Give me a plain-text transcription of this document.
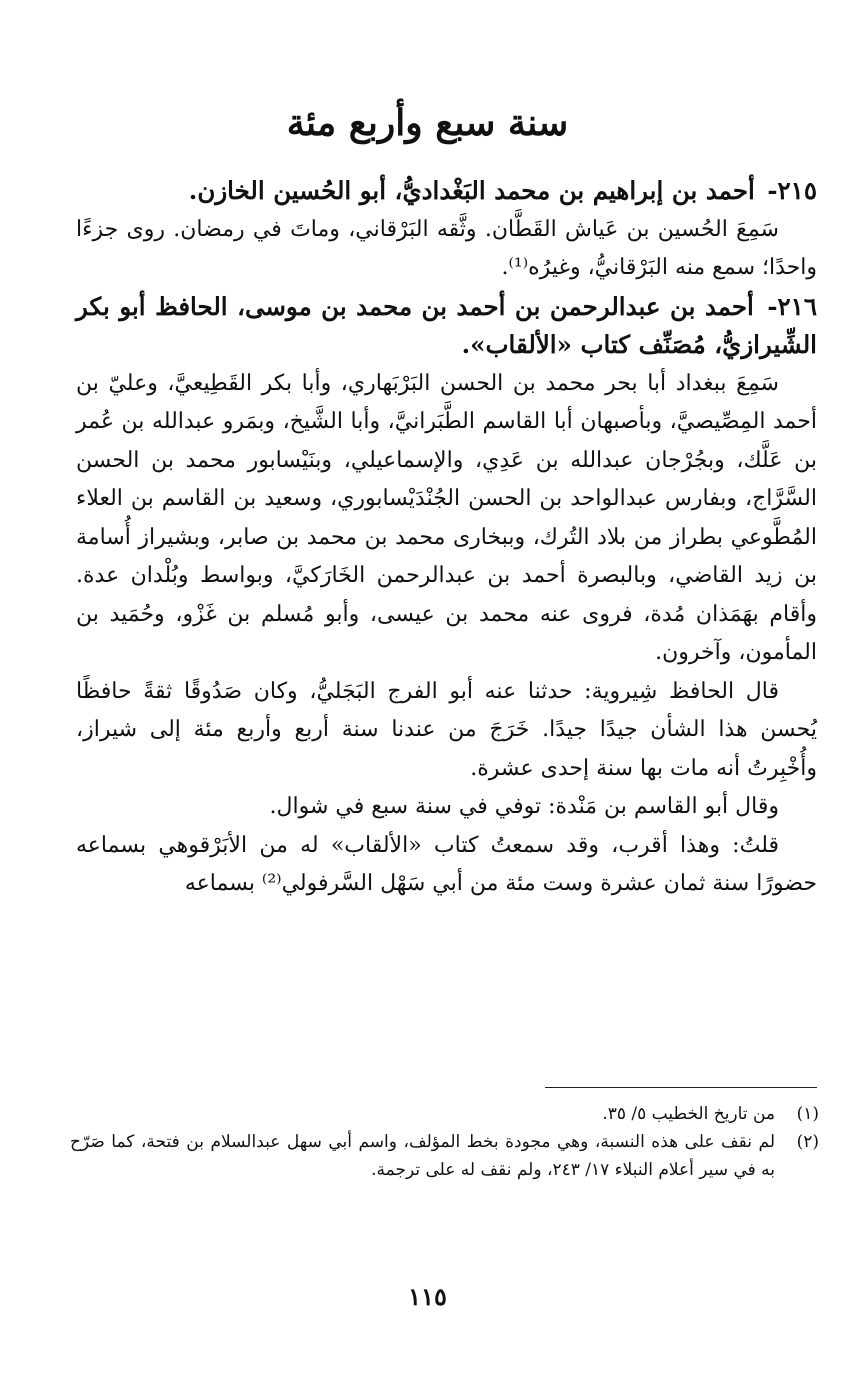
سنة سبع وأربع مئة

٢١٥- أحمد بن إبراهيم بن محمد البَغْداديُّ، أبو الحُسين الخازن.

سَمِعَ الحُسين بن عَياش القَطَّان. وثَّقه البَرْقاني، وماتَ في رمضان. روى جزءًا واحدًا؛ سمع منه البَرْقانيُّ، وغيرُه⁽¹⁾.

٢١٦- أحمد بن عبدالرحمن بن أحمد بن محمد بن موسى، الحافظ أبو بكر الشِّيرازيُّ، مُصَنِّف كتاب «الألقاب».

سَمِعَ ببغداد أبا بحر محمد بن الحسن البَرْبَهاري، وأبا بكر القَطِيعيَّ، وعليّ بن أحمد المِصِّيصيَّ، وبأصبهان أبا القاسم الطَّبَرانيَّ، وأبا الشَّيخ، وبمَرو عبدالله بن عُمر بن عَلَّك، وبجُرْجان عبدالله بن عَدِي، والإسماعيلي، وبنَيْسابور محمد بن الحسن السَّرَّاج، وبفارس عبدالواحد بن الحسن الجُنْدَيْسابوري، وسعيد بن القاسم بن العلاء المُطَّوعي بطراز من بلاد التُرك، وببخارى محمد بن محمد بن صابر، وبشيراز أُسامة بن زيد القاضي، وبالبصرة أحمد بن عبدالرحمن الخَارَكيَّ، وبواسط وبُلْدان عدة. وأقام بهَمَذان مُدة، فروى عنه محمد بن عيسى، وأبو مُسلم بن غَزْو، وحُمَيد بن المأمون، وآخرون.

قال الحافظ شِيروية: حدثنا عنه أبو الفرج البَجَليُّ، وكان صَدُوقًا ثقةً حافظًا يُحسن هذا الشأن جيدًا جيدًا. خَرَجَ من عندنا سنة أربع وأربع مئة إلى شيراز، وأُخْبِرتُ أنه مات بها سنة إحدى عشرة.

وقال أبو القاسم بن مَنْدة: توفي في سنة سبع في شوال.

قلتُ: وهذا أقرب، وقد سمعتُ كتاب «الألقاب» له من الأبَرْقوهي بسماعه حضورًا سنة ثمان عشرة وست مئة من أبي سَهْل السَّرفولي⁽²⁾ بسماعه

(١)
من تاريخ الخطيب ٥/ ٣٥.
(٢)
لم نقف على هذه النسبة، وهي مجودة بخط المؤلف، واسم أبي سهل عبدالسلام بن فتحة، كما صَرّح به في سير أعلام النبلاء ١٧/ ٢٤٣، ولم نقف له على ترجمة.
١١٥
